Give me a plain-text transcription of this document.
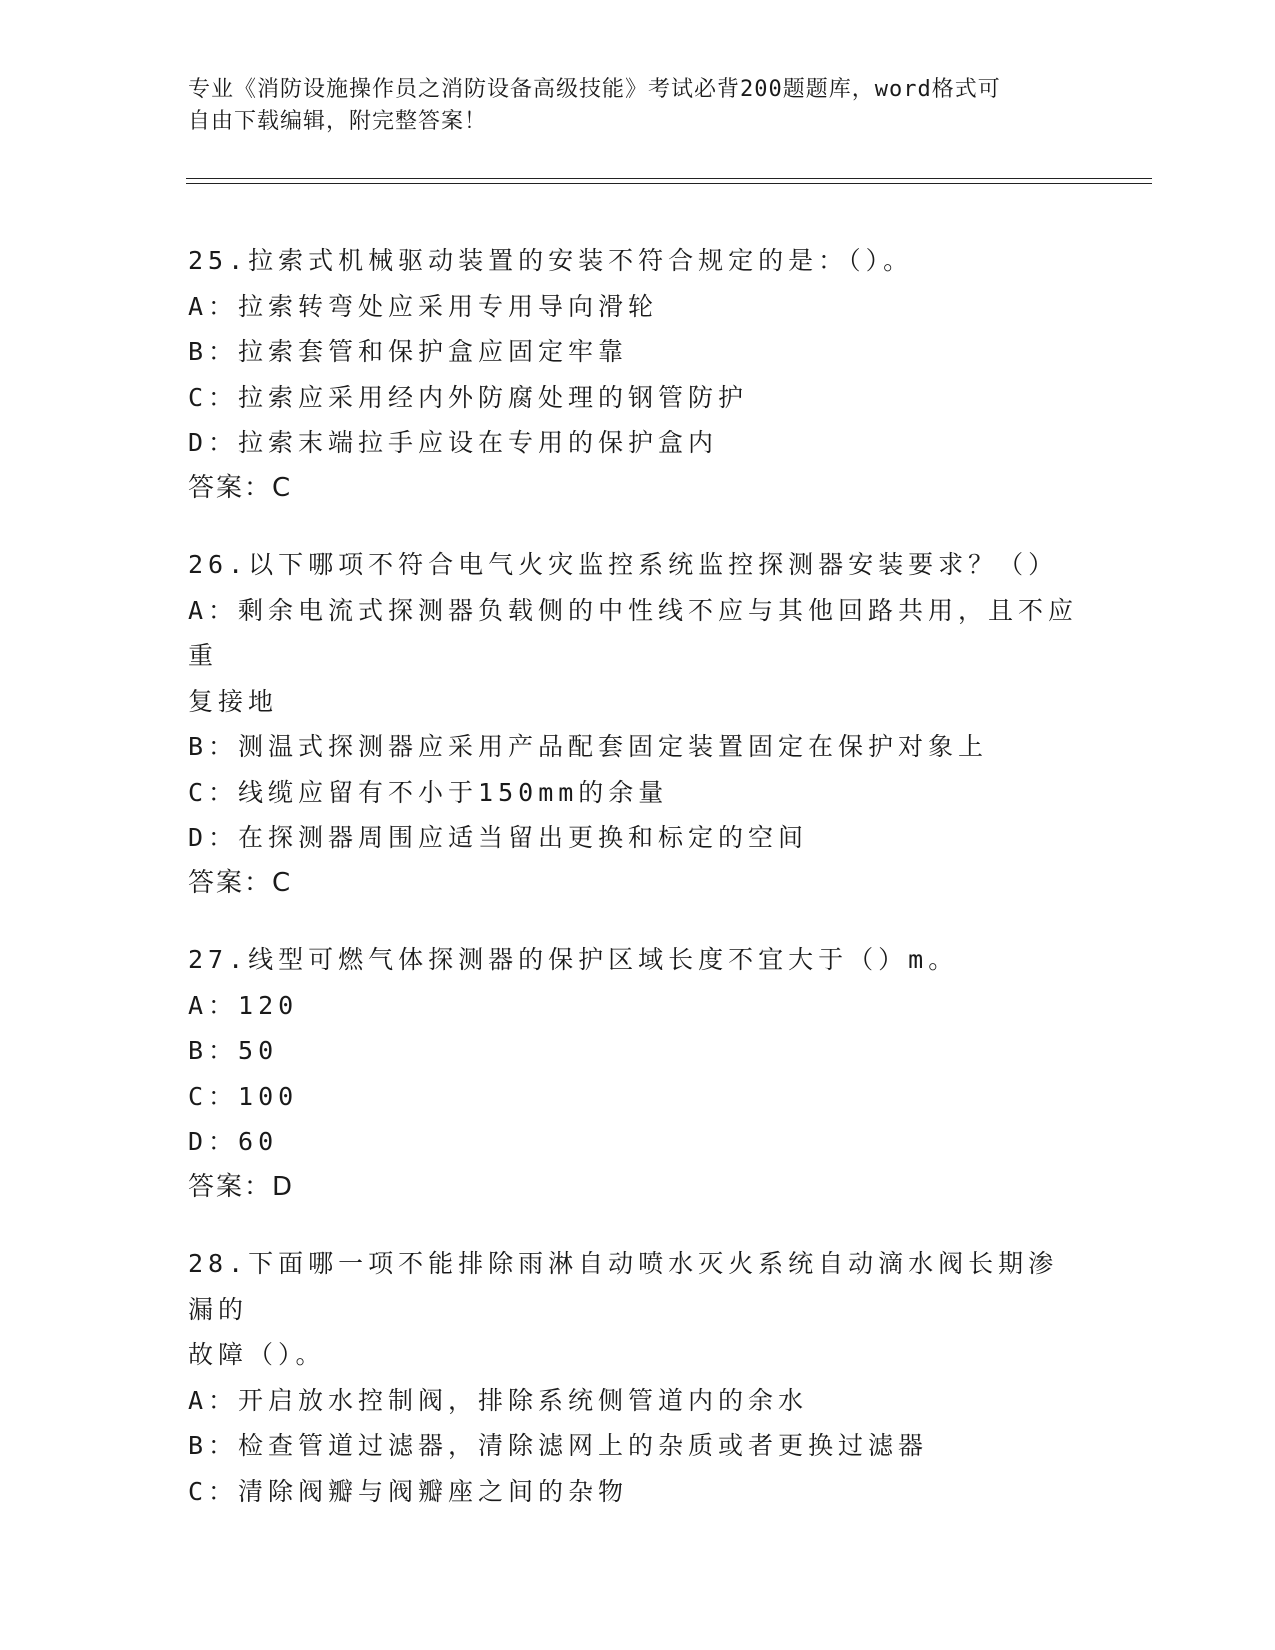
专业《消防设施操作员之消防设备高级技能》考试必背200题题库，word格式可
自由下载编辑，附完整答案！
25.拉索式机械驱动装置的安装不符合规定的是：（）。
A：拉索转弯处应采用专用导向滑轮
B：拉索套管和保护盒应固定牢靠
C：拉索应采用经内外防腐处理的钢管防护
D：拉索末端拉手应设在专用的保护盒内
答案：C
26.以下哪项不符合电气火灾监控系统监控探测器安装要求？（）
A：剩余电流式探测器负载侧的中性线不应与其他回路共用，且不应重
复接地
B：测温式探测器应采用产品配套固定装置固定在保护对象上
C：线缆应留有不小于150mm的余量
D：在探测器周围应适当留出更换和标定的空间
答案：C
27.线型可燃气体探测器的保护区域长度不宜大于（）m。
A：120
B：50
C：100
D：60
答案：D
28.下面哪一项不能排除雨淋自动喷水灭火系统自动滴水阀长期渗漏的
故障（）。
A：开启放水控制阀，排除系统侧管道内的余水
B：检查管道过滤器，清除滤网上的杂质或者更换过滤器
C：清除阀瓣与阀瓣座之间的杂物
